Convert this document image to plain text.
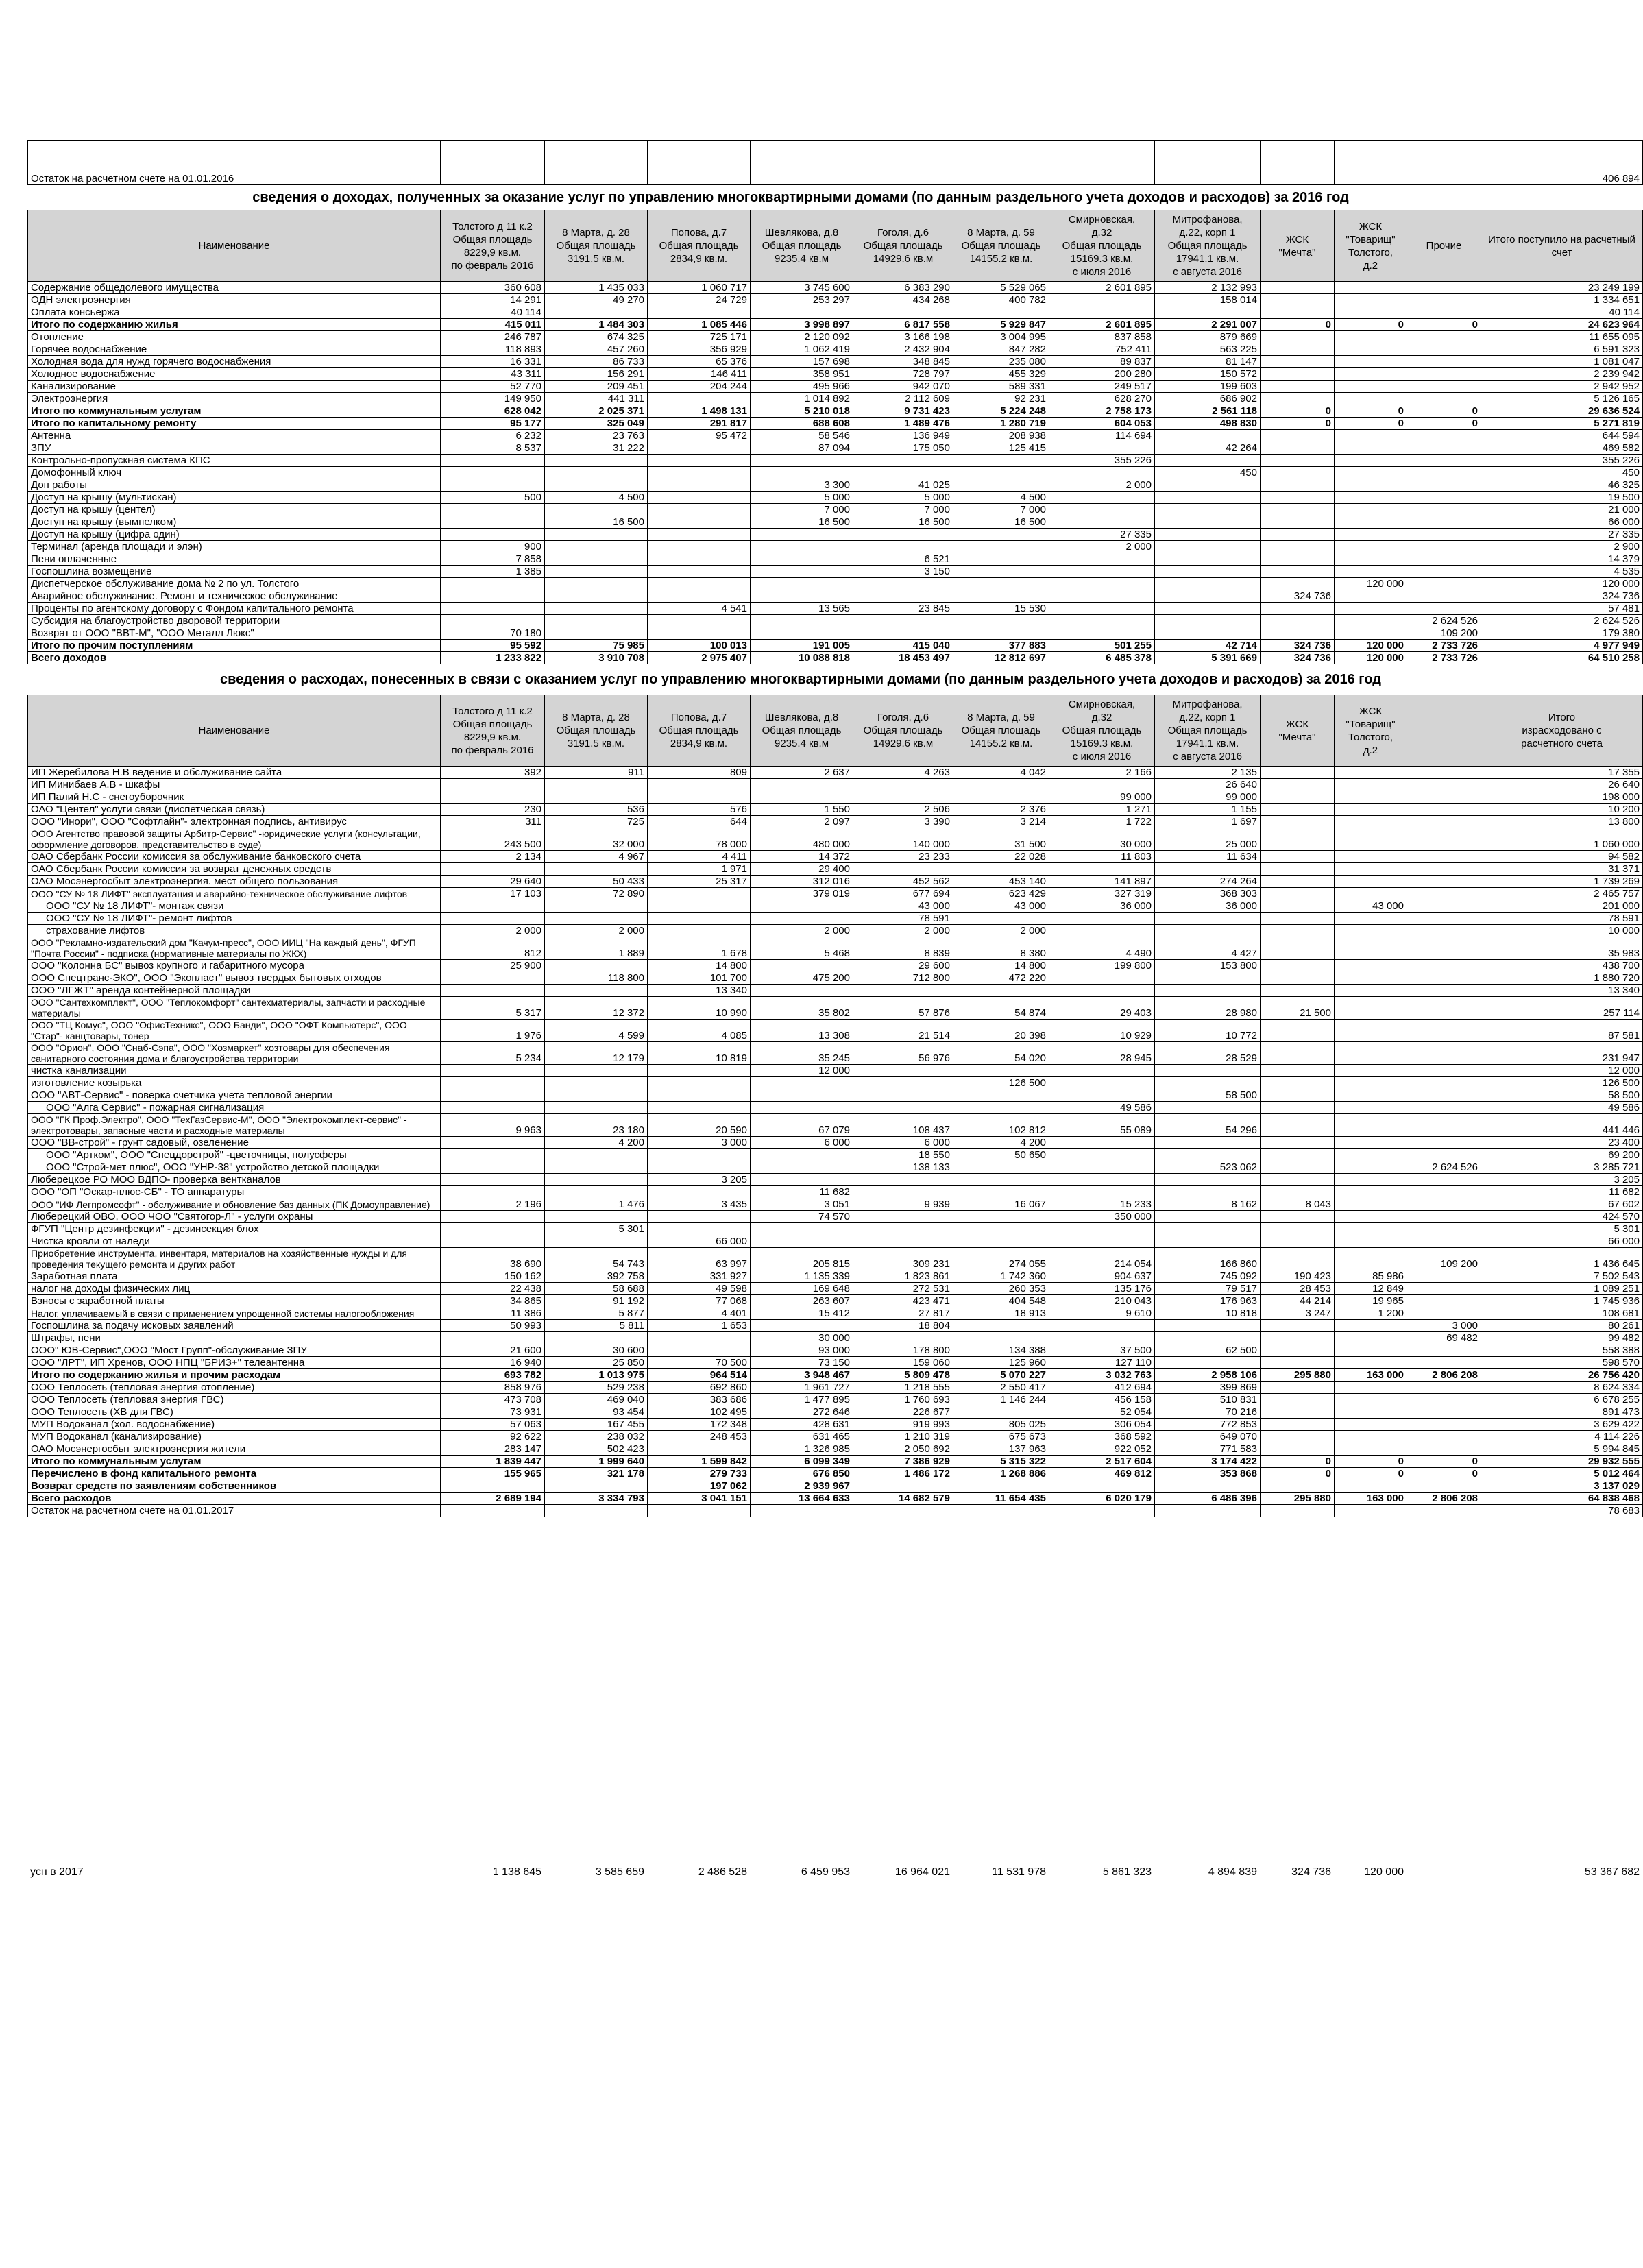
Остаток на расчетном счете на 01.01.2016												406 894
сведения о доходах, полученных за оказание услуг по управлению многоквартирными домами (по данным раздельного учета доходов и расходов) за 2016 год
Наименование	Толстого д 11 к.2
Общая площадь
8229,9 кв.м.
по февраль 2016	8 Марта, д. 28
Общая площадь
3191.5 кв.м.	Попова, д.7
Общая площадь
2834,9 кв.м.	Шевлякова, д.8
Общая площадь
9235.4 кв.м	Гоголя, д.6
Общая площадь
14929.6 кв.м	8 Марта, д. 59
Общая площадь
14155.2 кв.м.	Смирновская,
д.32
Общая площадь
15169.3 кв.м.
с июля 2016	Митрофанова,
д.22, корп 1
Общая площадь
17941.1 кв.м.
с августа 2016	ЖСК
"Мечта"	ЖСК
"Товарищ"
Толстого,
д.2	Прочие	Итого поступило на расчетный счет
Содержание общедолевого имущества	360 608	1 435 033	1 060 717	3 745 600	6 383 290	5 529 065	2 601 895	2 132 993				23 249 199
ОДН электроэнергия	14 291	49 270	24 729	253 297	434 268	400 782		158 014				1 334 651
Оплата консьержа	40 114											40 114
Итого по содержанию жилья	415 011	1 484 303	1 085 446	3 998 897	6 817 558	5 929 847	2 601 895	2 291 007	0	0	0	24 623 964
Отопление	246 787	674 325	725 171	2 120 092	3 166 198	3 004 995	837 858	879 669				11 655 095
Горячее водоснабжение	118 893	457 260	356 929	1 062 419	2 432 904	847 282	752 411	563 225				6 591 323
Холодная вода для нужд горячего водоснабжения	16 331	86 733	65 376	157 698	348 845	235 080	89 837	81 147				1 081 047
Холодное водоснабжение	43 311	156 291	146 411	358 951	728 797	455 329	200 280	150 572				2 239 942
Канализирование	52 770	209 451	204 244	495 966	942 070	589 331	249 517	199 603				2 942 952
Электроэнергия	149 950	441 311		1 014 892	2 112 609	92 231	628 270	686 902				5 126 165
Итого по коммунальным услугам	628 042	2 025 371	1 498 131	5 210 018	9 731 423	5 224 248	2 758 173	2 561 118	0	0	0	29 636 524
Итого по капитальному ремонту	95 177	325 049	291 817	688 608	1 489 476	1 280 719	604 053	498 830	0	0	0	5 271 819
Антенна	6 232	23 763	95 472	58 546	136 949	208 938	114 694					644 594
ЗПУ	8 537	31 222		87 094	175 050	125 415		42 264				469 582
Контрольно-пропускная система КПС							355 226					355 226
Домофонный ключ								450				450
Доп работы				3 300	41 025		2 000					46 325
Доступ на крышу (мультискан)	500	4 500		5 000	5 000	4 500						19 500
Доступ на крышу (центел)				7 000	7 000	7 000						21 000
Доступ на крышу (вымпелком)		16 500		16 500	16 500	16 500						66 000
Доступ на крышу (цифра один)							27 335					27 335
Терминал (аренда площади и элэн)	900						2 000					2 900
Пени оплаченные	7 858				6 521							14 379
Госпошлина возмещение	1 385				3 150							4 535
Диспетчерское обслуживание дома № 2 по ул. Толстого										120 000		120 000
Аварийное обслуживание. Ремонт и техническое обслуживание									324 736			324 736
Проценты по агентскому договору с Фондом капитального ремонта			4 541	13 565	23 845	15 530						57 481
Субсидия на благоустройство дворовой территории											2 624 526	2 624 526
Возврат от ООО "ВВТ-М", "ООО Металл Люкс"	70 180										109 200	179 380
Итого по прочим поступлениям	95 592	75 985	100 013	191 005	415 040	377 883	501 255	42 714	324 736	120 000	2 733 726	4 977 949
Всего доходов	1 233 822	3 910 708	2 975 407	10 088 818	18 453 497	12 812 697	6 485 378	5 391 669	324 736	120 000	2 733 726	64 510 258
сведения о расходах, понесенных в связи с оказанием услуг по управлению многоквартирными домами (по данным раздельного учета доходов и расходов) за 2016 год
Наименование	Толстого д 11 к.2
Общая площадь
8229,9 кв.м.
по февраль 2016	8 Марта, д. 28
Общая площадь
3191.5 кв.м.	Попова, д.7
Общая площадь
2834,9 кв.м.	Шевлякова, д.8
Общая площадь
9235.4 кв.м	Гоголя, д.6
Общая площадь
14929.6 кв.м	8 Марта, д. 59
Общая площадь
14155.2 кв.м.	Смирновская,
д.32
Общая площадь
15169.3 кв.м.
с июля 2016	Митрофанова,
д.22, корп 1
Общая площадь
17941.1 кв.м.
с августа 2016	ЖСК
"Мечта"	ЖСК
"Товарищ"
Толстого,
д.2		Итого
израсходовано с
расчетного счета
ИП Жеребилова Н.В ведение и обслуживание сайта	392	911	809	2 637	4 263	4 042	2 166	2 135				17 355
ИП Минибаев А.В - шкафы								26 640				26 640
ИП Палий Н.С - снегоуборочник							99 000	99 000				198 000
ОАО "Центел" услуги связи (диспетческая связь)	230	536	576	1 550	2 506	2 376	1 271	1 155				10 200
ООО "Инори", ООО "Софтлайн"- электронная подпись, антивирус	311	725	644	2 097	3 390	3 214	1 722	1 697				13 800
ООО Агентство правовой защиты Арбитр-Сервис" -юридические услуги (консультации, оформление договоров, представительство в суде)	243 500	32 000	78 000	480 000	140 000	31 500	30 000	25 000				1 060 000
ОАО Сбербанк России комиссия за обслуживание банковского счета	2 134	4 967	4 411	14 372	23 233	22 028	11 803	11 634				94 582
ОАО Сбербанк России комиссия за возврат денежных средств			1 971	29 400								31 371
ОАО Мосэнергосбыт электроэнергия. мест общего пользования	29 640	50 433	25 317	312 016	452 562	453 140	141 897	274 264				1 739 269
ООО "СУ № 18 ЛИФТ" эксплуатация и аварийно-техническое обслуживание лифтов	17 103	72 890		379 019	677 694	623 429	327 319	368 303				2 465 757
ООО "СУ № 18 ЛИФТ"- монтаж связи					43 000	43 000	36 000	36 000		43 000		201 000
ООО "СУ № 18 ЛИФТ"- ремонт лифтов					78 591							78 591
страхование лифтов	2 000	2 000		2 000	2 000	2 000						10 000
ООО "Рекламно-издательский дом "Качум-пресс", ООО ИИЦ "На каждый день", ФГУП "Почта России" - подписка (нормативные материалы по ЖКХ)	812	1 889	1 678	5 468	8 839	8 380	4 490	4 427				35 983
ООО "Колонна БС" вывоз крупного и габаритного мусора	25 900		14 800		29 600	14 800	199 800	153 800				438 700
ООО Спецтранс-ЭКО", ООО "Экопласт" вывоз твердых бытовых отходов		118 800	101 700	475 200	712 800	472 220						1 880 720
ООО "ЛГЖТ" аренда контейнерной площадки			13 340									13 340
ООО "Сантехкомплект", ООО "Теплокомфорт" сантехматериалы, запчасти и расходные материалы	5 317	12 372	10 990	35 802	57 876	54 874	29 403	28 980	21 500			257 114
ООО "ТЦ Комус", ООО "ОфисТехникс", ООО Банди", ООО "ОФТ Компьютерс", ООО "Стар"- канцтовары, тонер	1 976	4 599	4 085	13 308	21 514	20 398	10 929	10 772				87 581
ООО "Орион", ООО "Снаб-Сэпа", ООО "Хозмаркет" хозтовары для обеспечения санитарного состояния дома и благоустройства территории	5 234	12 179	10 819	35 245	56 976	54 020	28 945	28 529				231 947
чистка канализации				12 000								12 000
изготовление козырька						126 500						126 500
ООО "АВТ-Сервис" - поверка счетчика учета тепловой энергии								58 500				58 500
ООО "Алга Сервис" - пожарная сигнализация							49 586					49 586
ООО "ГК Проф.Электро", ООО "ТехГазСервис-М", ООО "Электрокомплект-сервис" - электротовары, запасные части и расходные материалы	9 963	23 180	20 590	67 079	108 437	102 812	55 089	54 296				441 446
ООО "ВВ-строй" - грунт садовый, озеленение		4 200	3 000	6 000	6 000	4 200						23 400
ООО "Артком", ООО "Спецдорстрой" -цветочницы, полусферы					18 550	50 650						69 200
ООО "Строй-мет плюс", ООО "УНР-38" устройство детской площадки					138 133			523 062			2 624 526	3 285 721
Люберецкое РО МОО ВДПО- проверка вентканалов			3 205									3 205
ООО "ОП "Оскар-плюс-СБ" - ТО аппаратуры				11 682								11 682
ООО "ИФ Легпромсофт" - обслуживание и обновление баз данных (ПК Домоуправление)	2 196	1 476	3 435	3 051	9 939	16 067	15 233	8 162	8 043			67 602
Люберецкий ОВО, ООО ЧОО "Святогор-Л" - услуги охраны				74 570			350 000					424 570
ФГУП "Центр дезинфекции" - дезинсекция блох		5 301										5 301
Чистка кровли от наледи			66 000									66 000
Приобретение инструмента, инвентаря, материалов на хозяйственные нужды и для проведения текущего ремонта и других работ	38 690	54 743	63 997	205 815	309 231	274 055	214 054	166 860			109 200	1 436 645
Заработная плата	150 162	392 758	331 927	1 135 339	1 823 861	1 742 360	904 637	745 092	190 423	85 986		7 502 543
налог на доходы физических лиц	22 438	58 688	49 598	169 648	272 531	260 353	135 176	79 517	28 453	12 849		1 089 251
Взносы с заработной платы	34 865	91 192	77 068	263 607	423 471	404 548	210 043	176 963	44 214	19 965		1 745 936
Налог, уплачиваемый в связи с применением упрощенной системы налогообложения	11 386	5 877	4 401	15 412	27 817	18 913	9 610	10 818	3 247	1 200		108 681
Госпошлина за подачу исковых заявлений	50 993	5 811	1 653		18 804						3 000	80 261
Штрафы, пени				30 000							69 482	99 482
ООО" ЮВ-Сервис",ООО "Мост Групп"-обслуживание ЗПУ	21 600	30 600		93 000	178 800	134 388	37 500	62 500				558 388
ООО "ЛРТ", ИП Хренов, ООО НПЦ "БРИЗ+" телеантенна	16 940	25 850	70 500	73 150	159 060	125 960	127 110					598 570
Итого по содержанию жилья и прочим расходам	693 782	1 013 975	964 514	3 948 467	5 809 478	5 070 227	3 032 763	2 958 106	295 880	163 000	2 806 208	26 756 420
ООО Теплосеть (тепловая энергия отопление)	858 976	529 238	692 860	1 961 727	1 218 555	2 550 417	412 694	399 869				8 624 334
ООО Теплосеть (тепловая энергия ГВС)	473 708	469 040	383 686	1 477 895	1 760 693	1 146 244	456 158	510 831				6 678 255
ООО Теплосеть (ХВ для ГВС)	73 931	93 454	102 495	272 646	226 677		52 054	70 216				891 473
МУП Водоканал (хол. водоснабжение)	57 063	167 455	172 348	428 631	919 993	805 025	306 054	772 853				3 629 422
МУП Водоканал (канализирование)	92 622	238 032	248 453	631 465	1 210 319	675 673	368 592	649 070				4 114 226
ОАО Мосэнергосбыт электроэнергия жители	283 147	502 423		1 326 985	2 050 692	137 963	922 052	771 583				5 994 845
Итого по коммунальным услугам	1 839 447	1 999 640	1 599 842	6 099 349	7 386 929	5 315 322	2 517 604	3 174 422	0	0	0	29 932 555
Перечислено в фонд капитального ремонта	155 965	321 178	279 733	676 850	1 486 172	1 268 886	469 812	353 868	0	0	0	5 012 464
Возврат средств по заявлениям собственников			197 062	2 939 967								3 137 029
Всего расходов	2 689 194	3 334 793	3 041 151	13 664 633	14 682 579	11 654 435	6 020 179	6 486 396	295 880	163 000	2 806 208	64 838 468
Остаток на расчетном счете на 01.01.2017												78 683
усн в 2017	1 138 645	3 585 659	2 486 528	6 459 953	16 964 021	11 531 978	5 861 323	4 894 839	324 736	120 000		53 367 682
